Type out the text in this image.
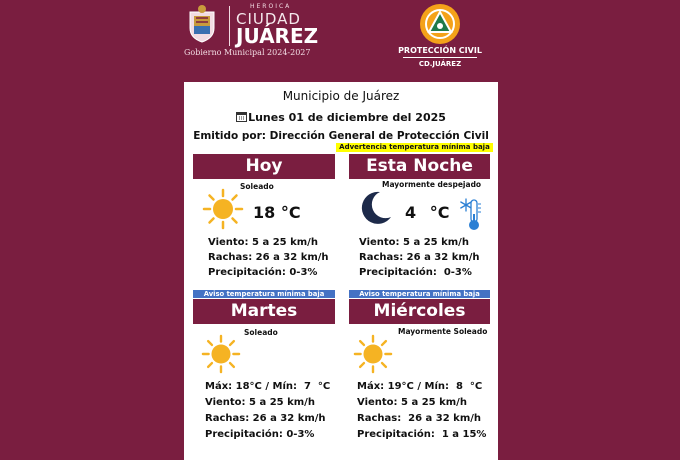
HEROICA
CIUDAD
JUÁREZ
Gobierno Municipal 2024-2027	PROTECCIÓN CIVIL
CD.JUÁREZ
Municipio de Juárez
Lunes 01 de diciembre del 2025
Emitido por: Dirección General de Protección Civil
Advertencia temperatura mínima baja
Hoy
Soleado
18 °C
Viento: 5 a 25 km/h
Rachas: 26 a 32 km/h
Precipitación: 0-3%
Aviso temperatura mínima baja
Esta Noche
Mayormente despejado
4 °C
Viento: 5 a 25 km/h
Rachas: 26 a 32 km/h
Precipitación:  0-3%
Aviso temperatura mínima baja
Martes
Soleado
Máx: 18°C / Mín:  7  °C
Viento: 5 a 25 km/h
Rachas: 26 a 32 km/h
Precipitación: 0-3%
Miércoles
Mayormente Soleado
Máx: 19°C / Mín:  8  °C
Viento: 5 a 25 km/h
Rachas:  26 a 32 km/h
Precipitación:  1 a 15%
